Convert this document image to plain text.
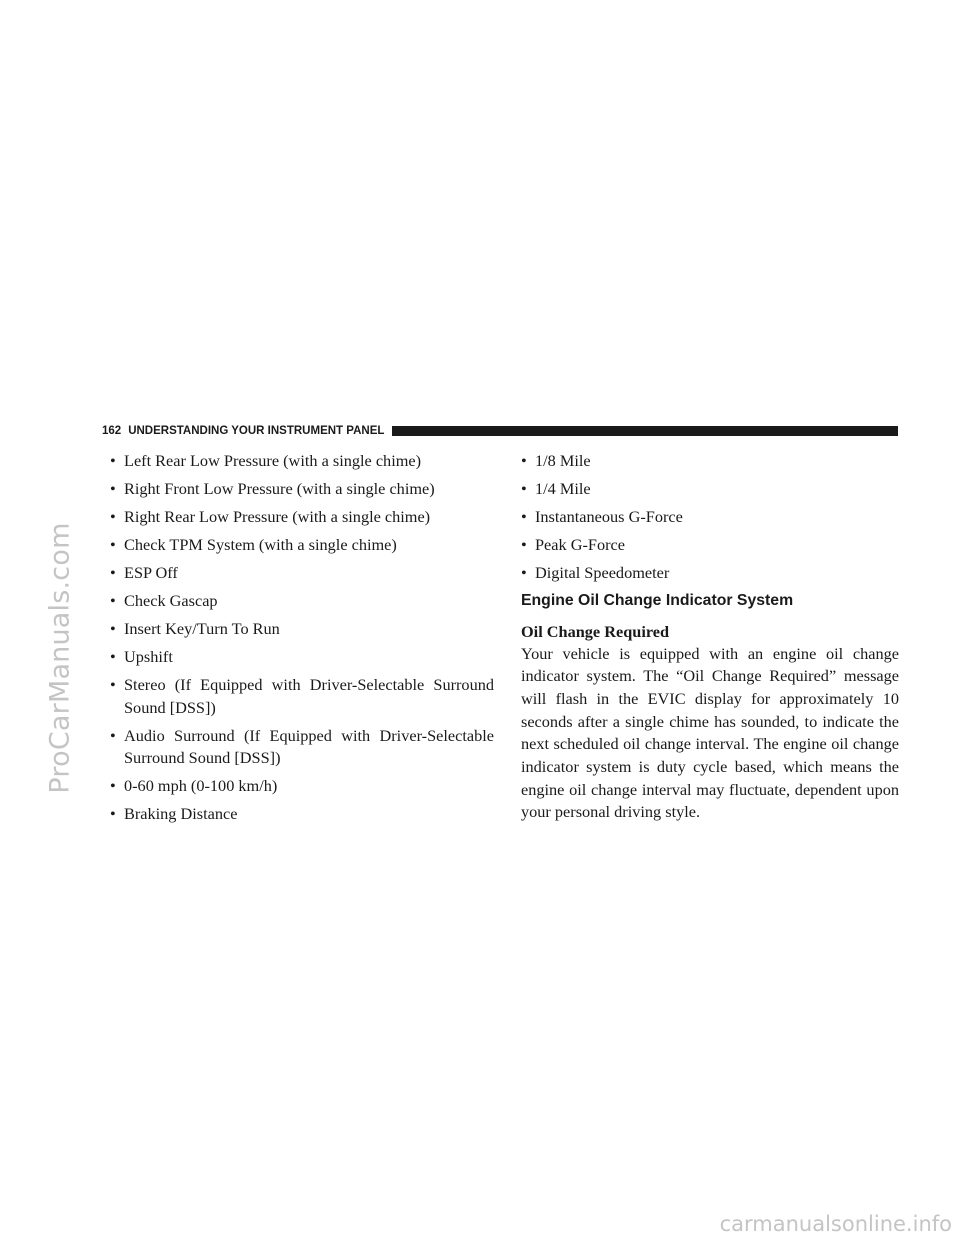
ProCarManuals.com
162 UNDERSTANDING YOUR INSTRUMENT PANEL
• Left Rear Low Pressure (with a single chime)
• Right Front Low Pressure (with a single chime)
• Right Rear Low Pressure (with a single chime)
• Check TPM System (with a single chime)
• ESP Off
• Check Gascap
• Insert Key/Turn To Run
• Upshift
• Stereo (If Equipped with Driver-Selectable Surround Sound [DSS])
• Audio Surround (If Equipped with Driver-Selectable Surround Sound [DSS])
• 0-60 mph (0-100 km/h)
• Braking Distance
• 1/8 Mile
• 1/4 Mile
• Instantaneous G-Force
• Peak G-Force
• Digital Speedometer
Engine Oil Change Indicator System
Oil Change Required

Your vehicle is equipped with an engine oil change indicator system. The “Oil Change Required” message will flash in the EVIC display for approximately 10 seconds after a single chime has sounded, to indicate the next scheduled oil change interval. The engine oil change indicator system is duty cycle based, which means the engine oil change interval may fluctuate, dependent upon your personal driving style.

carmanualsonline.info
